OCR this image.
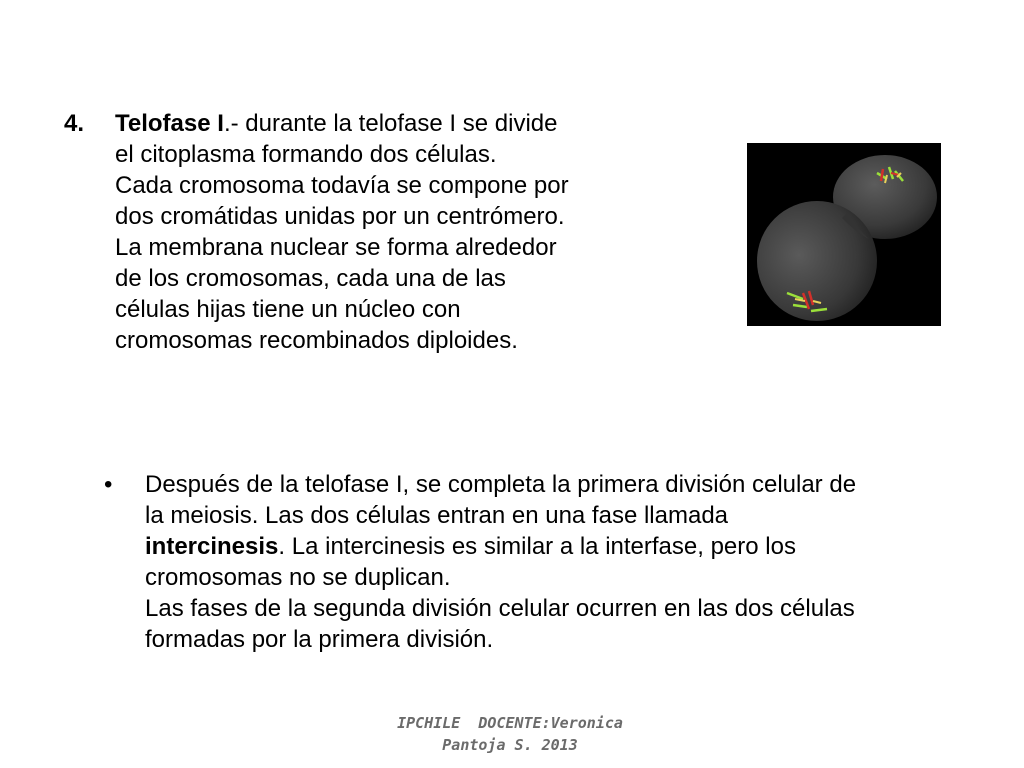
4. Telofase I.- durante la telofase I se divide
el citoplasma formando dos células.
Cada cromosoma todavía se compone por
dos cromátidas unidas por un centrómero.
La membrana nuclear se forma alrededor
de los cromosomas, cada una de las
células hijas tiene un núcleo con
cromosomas recombinados diploides.
• Después de la telofase I, se completa la primera división celular de
la meiosis. Las dos células entran en una fase llamada
intercinesis. La intercinesis es similar a la interfase, pero los
cromosomas no se duplican.
Las fases de la segunda división celular ocurren en las dos células
formadas por la primera división.
IPCHILE  DOCENTE:Veronica
Pantoja S. 2013
